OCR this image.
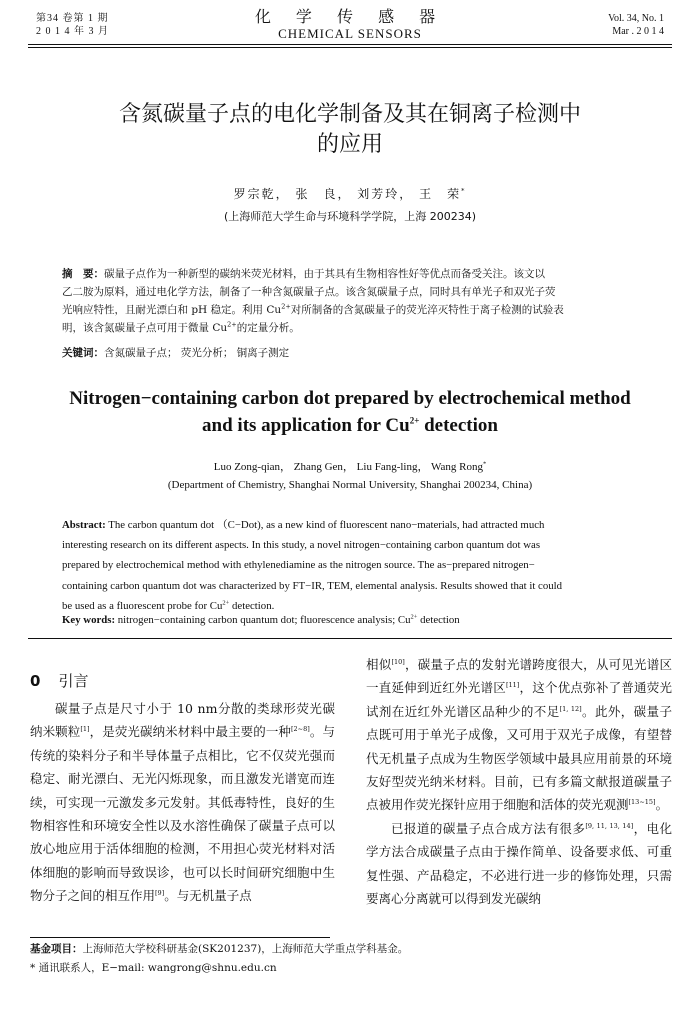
第34 卷第 1 期
2 0 1 4 年 3 月
化 学 传 感 器
CHEMICAL SENSORS
Vol. 34, No. 1
Mar . 2 0 1 4
含氮碳量子点的电化学制备及其在铜离子检测中
的应用
罗宗乾， 张　良， 刘芳玲， 王　荣*
(上海师范大学生命与环境科学学院，上海 200234)
摘　要：碳量子点作为一种新型的碳纳米荧光材料，由于其具有生物相容性好等优点而备受关注。该文以
乙二胺为原料，通过电化学方法，制备了一种含氮碳量子点。该含氮碳量子点，同时具有单光子和双光子荧
光响应特性，且耐光漂白和 pH 稳定。利用 $Cu^{2+}$对所制备的含氮碳量子的荧光淬灭特性于离子检测的试验表
明，该含氮碳量子点可用于微量 $Cu^{2+}$的定量分析。
关键词：含氮碳量子点； 荧光分析； 铜离子测定
Nitrogen−containing carbon dot prepared by electrochemical method
and its application for $Cu^{2+}$ detection
Luo Zong-qian， Zhang Gen， Liu Fang-ling， Wang Rong*
(Department of Chemistry, Shanghai Normal University, Shanghai 200234, China)
Abstract: The carbon quantum dot （C−Dot), as a new kind of fluorescent nano−materials, had attracted much
interesting research on its different aspects. In this study, a novel nitrogen−containing carbon quantum dot was
prepared by electrochemical method with ethylenediamine as the nitrogen source. The as−prepared nitrogen−
containing carbon quantum dot was characterized by FT−IR, TEM, elemental analysis. Results showed that it could
be used as a fluorescent probe for $Cu^{2+}$ detection.
Key words: nitrogen−containing carbon quantum dot; fluorescence analysis; $Cu^{2+}$ detection
0 引言

碳量子点是尺寸小于 10 nm分散的类球形荧光碳纳米颗粒[1]，是荧光碳纳米材料中最主要的一种[2~8]。与传统的染料分子和半导体量子点相比，它不仅荧光强而稳定、耐光漂白、无光闪烁现象，而且激发光谱宽而连续，可实现一元激发多元发射。其低毒特性，良好的生物相容性和环境安全性以及水溶性确保了碳量子点可以放心地应用于活体细胞的检测，不用担心荧光材料对活体细胞的影响而导致误诊，也可以长时间研究细胞中生物分子之间的相互作用[9]。与无机量子点

相似[10]，碳量子点的发射光谱跨度很大，从可见光谱区一直延伸到近红外光谱区[11]，这个优点弥补了普通荧光试剂在近红外光谱区品种少的不足[1, 12]。此外，碳量子点既可用于单光子成像，又可用于双光子成像，有望替代无机量子点成为生物医学领域中最具应用前景的环境友好型荧光纳米材料。目前，已有多篇文献报道碳量子点被用作荧光探针应用于细胞和活体的荧光观测[13~15]。

已报道的碳量子点合成方法有很多[9, 11, 13, 14]，电化学方法合成碳量子点由于操作简单、设备要求低、可重复性强、产品稳定，不必进行进一步的修饰处理，只需要离心分离就可以得到发光碳纳

基金项目：上海师范大学校科研基金(SK201237)，上海师范大学重点学科基金。
* 通讯联系人，E−mail: wangrong@shnu.edu.cn
